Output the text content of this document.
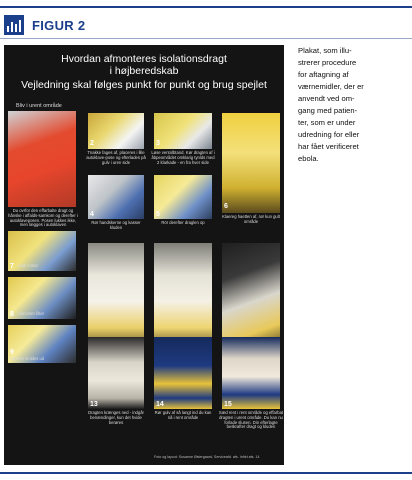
FIGUR 2
Hvordan afmonteres isolationsdragt
i højberedskab
Vejledning skal følges punkt for punkt og brug spejlet
Bliv i urent område
Du ovrfor den effarbalte dragt og hånske i affalds-samkom og derefter i autoklaveposen. Posen lukkes ikke, men lægges i autoklaven
2
Tnakke fages af, placeres i lille autoklave-pose og efterlades på gulv i uren side
3
Løse ventolbtand. Kør dragten af i åbpeområdet omklarig tynlds med 2 klarkade - en fra hver side
6
Klaereg haetten af, rør kun gult område
4
Rør handskerne og kasser kluden
5
Rör derefter draglen op
7 Sluk motor
8 Afmonter filter
9
Filtrene smides ud
13
Dragten krænges ned - indgår benændinger, kun det hvide berøres
14
Rør gulv af så langt ind du kan nå i rent område
15
Sæd rent i rent område og effarbat dragten i urent område. Du kan nu forlade slusen. Din efterlagte beskrafter dragt og kluden
Foto og layout: Susanne Østergaard, Serviceafd. afs. Infrkt afs. 14

Plakat, som illu-
strerer procedure
for aftagning af
værnemidler, der er
anvendt ved om-
gang med patien-
ter, som er under
udredning for eller
har fået verificeret
ebola.
